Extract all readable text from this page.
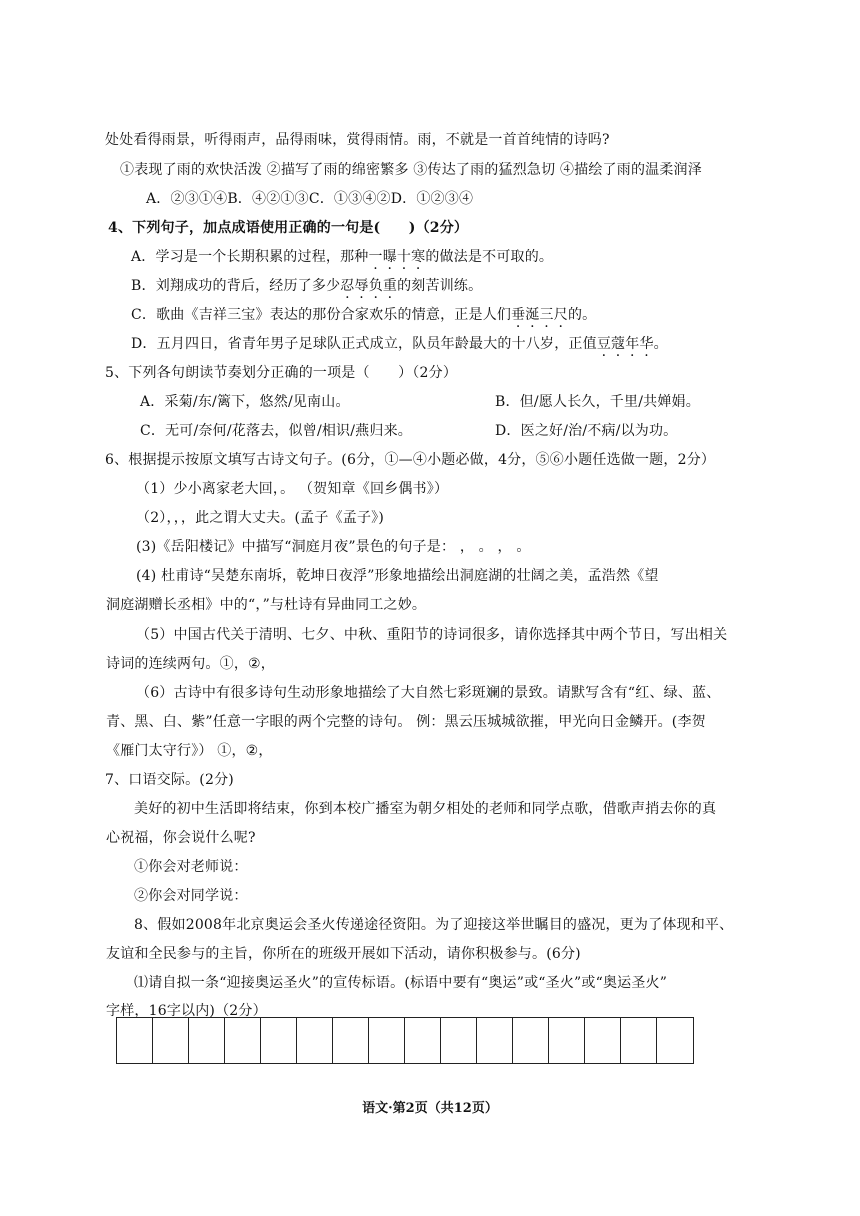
处处看得雨景，听得雨声，品得雨味，赏得雨情。雨，不就是一首首纯情的诗吗?
①表现了雨的欢快活泼 ②描写了雨的绵密繁多 ③传达了雨的猛烈急切 ④描绘了雨的温柔润泽
A．②③①④B．④②①③C．①③④②D．①②③④
4、下列句子，加点成语使用正确的一句是(　　)（2分）
A．学习是一个长期积累的过程，那种一曝十寒的做法是不可取的。
B．刘翔成功的背后，经历了多少忍辱负重的刻苦训练。
C．歌曲《吉祥三宝》表达的那份合家欢乐的情意，正是人们垂涎三尺的。
D．五月四日，省青年男子足球队正式成立，队员年龄最大的十八岁，正值豆蔻年华。
5、下列各句朗读节奏划分正确的一项是（　　）（2分）
A．采菊/东/篱下，悠然/见南山。	B．但/愿人长久，千里/共婵娟。
C．无可/奈何/花落去，似曾/相识/燕归来。	D．医之好/治/不病/以为功。
6、根据提示按原文填写古诗文句子。(6分，①—④小题必做，4分，⑤⑥小题任选做一题，2分）
（1）少小离家老大回，。 （贺知章《回乡偶书》）
（2），，，此之谓大丈夫。(孟子《孟子》)
(3)《岳阳楼记》中描写“洞庭月夜”景色的句子是： ， 。 ， 。
(4) 杜甫诗“吴楚东南坼，乾坤日夜浮”形象地描绘出洞庭湖的壮阔之美，孟浩然《望
洞庭湖赠长丞相》中的“，”与杜诗有异曲同工之妙。
（5）中国古代关于清明、七夕、中秋、重阳节的诗词很多，请你选择其中两个节日，写出相关
诗词的连续两句。①，②，
（6）古诗中有很多诗句生动形象地描绘了大自然七彩斑斓的景致。请默写含有“红、绿、蓝、
青、黑、白、紫”任意一字眼的两个完整的诗句。 例：黑云压城城欲摧，甲光向日金鳞开。(李贺
《雁门太守行》） ①，②，
7、口语交际。(2分)
美好的初中生活即将结束，你到本校广播室为朝夕相处的老师和同学点歌，借歌声捎去你的真
心祝福，你会说什么呢?
①你会对老师说：
②你会对同学说：
8、假如2008年北京奥运会圣火传递途径资阳。为了迎接这举世瞩目的盛况，更为了体现和平、
友谊和全民参与的主旨，你所在的班级开展如下活动，请你积极参与。(6分)
⑴请自拟一条“迎接奥运圣火”的宣传标语。(标语中要有“奥运”或“圣火”或“奥运圣火”
字样，16字以内)（2分）
语文·第2页（共12页）
